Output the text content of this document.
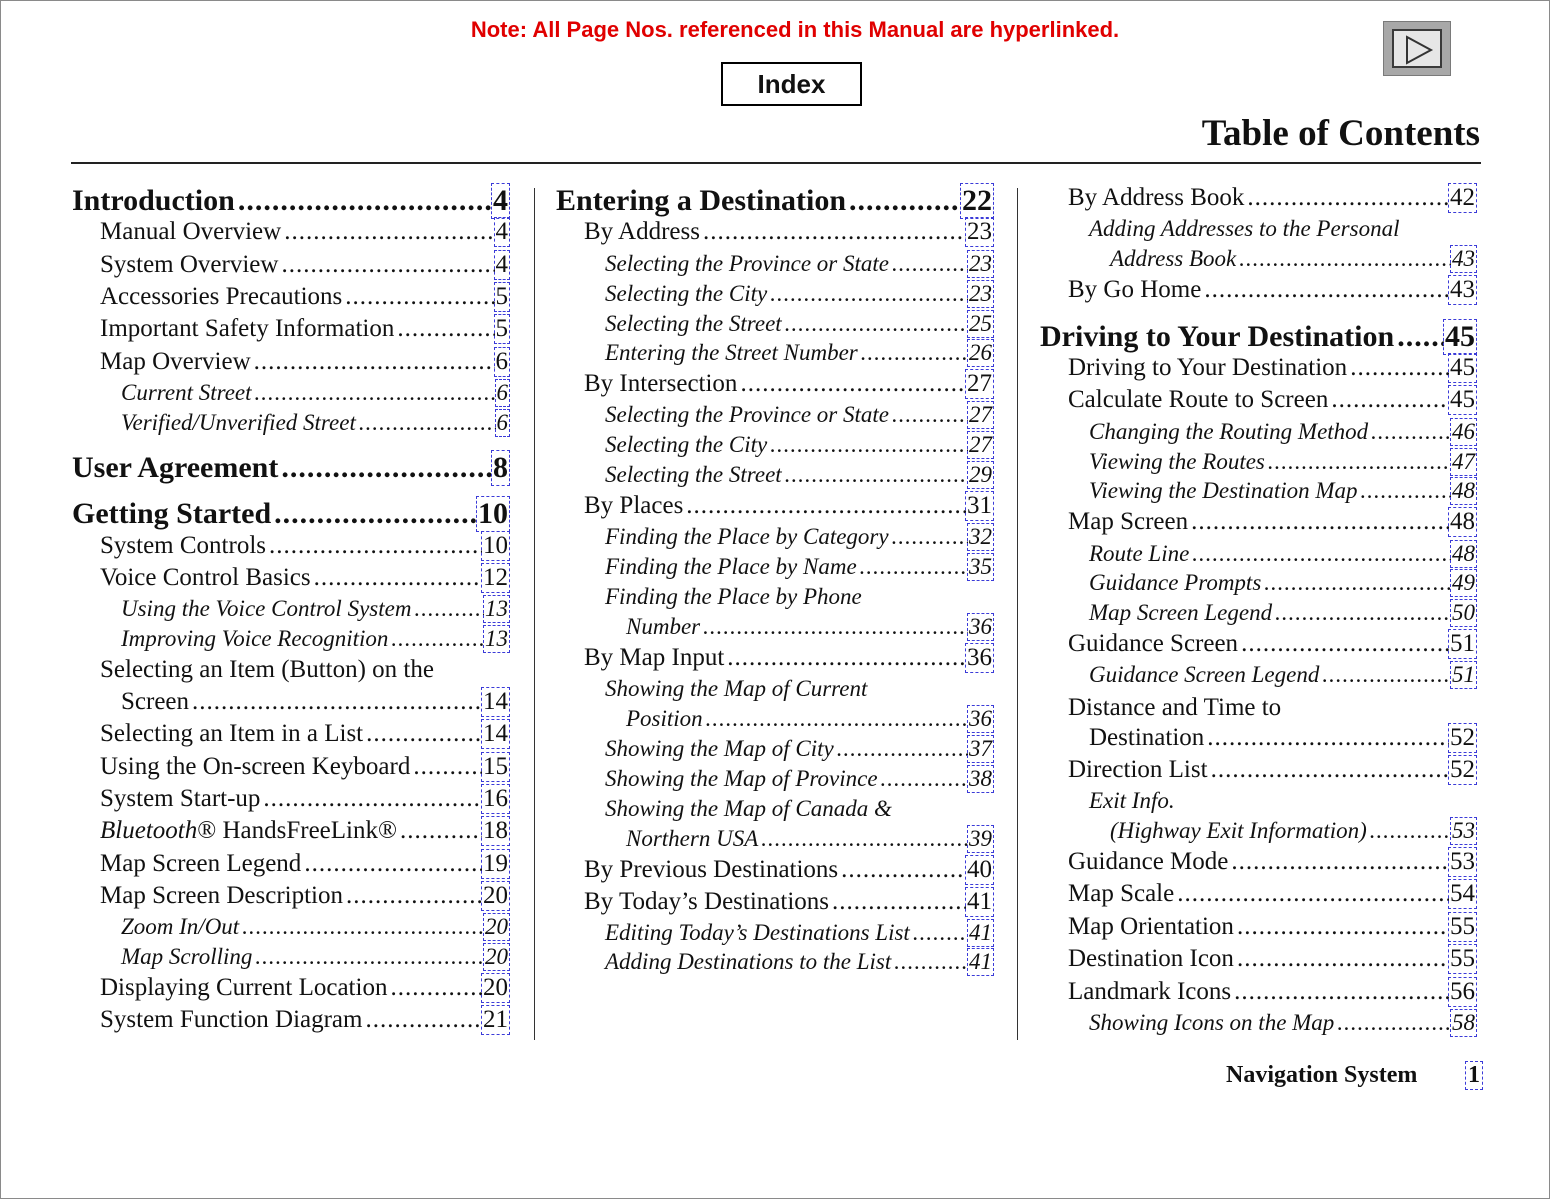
Note: All Page Nos. referenced in this Manual are hyperlinked.
Index
Table of Contents
Introduction .....	4
Manual Overview .....	4
System Overview .....	4
Accessories Precautions .....	5
Important Safety Information .....	5
Map Overview .....	6
Current Street .....	6
Verified/Unverified Street .....	6
User Agreement .....	8
Getting Started .....	10
System Controls .....	10
Voice Control Basics .....	12
Using the Voice Control System .....	13
Improving Voice Recognition .....	13
Selecting an Item (Button) on the
Screen .....	14
Selecting an Item in a List .....	14
Using the On-screen Keyboard .....	15
System Start-up .....	16
Bluetooth® HandsFreeLink® .....	18
Map Screen Legend .....	19
Map Screen Description .....	20
Zoom In/Out .....	20
Map Scrolling .....	20
Displaying Current Location .....	20
System Function Diagram .....	21
Entering a Destination .....	22
By Address .....	23
Selecting the Province or State .....	23
Selecting the City .....	23
Selecting the Street .....	25
Entering the Street Number .....	26
By Intersection .....	27
Selecting the Province or State .....	27
Selecting the City .....	27
Selecting the Street .....	29
By Places .....	31
Finding the Place by Category .....	32
Finding the Place by Name .....	35
Finding the Place by Phone
Number .....	36
By Map Input .....	36
Showing the Map of Current
Position .....	36
Showing the Map of City .....	37
Showing the Map of Province .....	38
Showing the Map of Canada &
Northern USA .....	39
By Previous Destinations .....	40
By Today’s Destinations .....	41
Editing Today’s Destinations List .....	41
Adding Destinations to the List .....	41
By Address Book .....	42
Adding Addresses to the Personal
Address Book .....	43
By Go Home .....	43
Driving to Your Destination ..... 45
Driving to Your Destination .....	45
Calculate Route to Screen .....	45
Changing the Routing Method .....	46
Viewing the Routes .....	47
Viewing the Destination Map .....	48
Map Screen .....	48
Route Line .....	48
Guidance Prompts .....	49
Map Screen Legend .....	50
Guidance Screen .....	51
Guidance Screen Legend .....	51
Distance and Time to
Destination .....	52
Direction List .....	52
Exit Info.
(Highway Exit Information) .....	53
Guidance Mode .....	53
Map Scale .....	54
Map Orientation .....	55
Destination Icon .....	55
Landmark Icons .....	56
Showing Icons on the Map .....	58
Navigation System 1
